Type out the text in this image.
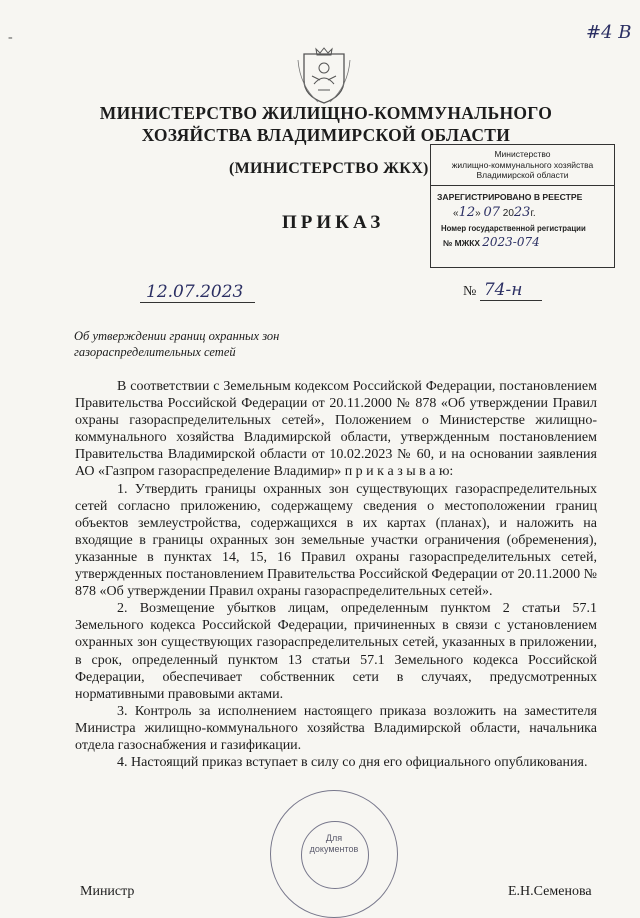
#4 В
-
МИНИСТЕРСТВО ЖИЛИЩНО-КОММУНАЛЬНОГО
ХОЗЯЙСТВА ВЛАДИМИРСКОЙ ОБЛАСТИ
(МИНИСТЕРСТВО ЖКХ)
Министерство
жилищно-коммунального хозяйства
Владимирской области
ЗАРЕГИСТРИРОВАНО В РЕЕСТРЕ
«12» 07 2023г.
Номер государственной регистрации
№ МЖКХ 2023-074
ПРИКАЗ
12.07.2023	№ 74-н
Об утверждении границ охранных зон
газораспределительных сетей

В соответствии с Земельным кодексом Российской Федерации, постановлением Правительства Российской Федерации от 20.11.2000 № 878 «Об утверждении Правил охраны газораспределительных сетей», Положением о Министерстве жилищно-коммунального хозяйства Владимирской области, утвержденным постановлением Правительства Владимирской области от 10.02.2023 № 60, и на основании заявления АО «Газпром газораспределение Владимир» п р и к а з ы в а ю:

1. Утвердить границы охранных зон существующих газораспределительных сетей согласно приложению, содержащему сведения о местоположении границ объектов землеустройства, содержащихся в их картах (планах), и наложить на входящие в границы охранных зон земельные участки ограничения (обременения), указанные в пунктах 14, 15, 16 Правил охраны газораспределительных сетей, утвержденных постановлением Правительства Российской Федерации от 20.11.2000 № 878 «Об утверждении Правил охраны газораспределительных сетей».

2. Возмещение убытков лицам, определенным пунктом 2 статьи 57.1 Земельного кодекса Российской Федерации, причиненных в связи с установлением охранных зон существующих газораспределительных сетей, указанных в приложении, в срок, определенный пунктом 13 статьи 57.1 Земельного кодекса Российской Федерации, обеспечивает собственник сети в случаях, предусмотренных нормативными правовыми актами.

3. Контроль за исполнением настоящего приказа возложить на заместителя Министра жилищно-коммунального хозяйства Владимирской области, начальника отдела газоснабжения и газификации.

4. Настоящий приказ вступает в силу со дня его официального опубликования.

Для
документов
Министр	Е.Н.Семенова
